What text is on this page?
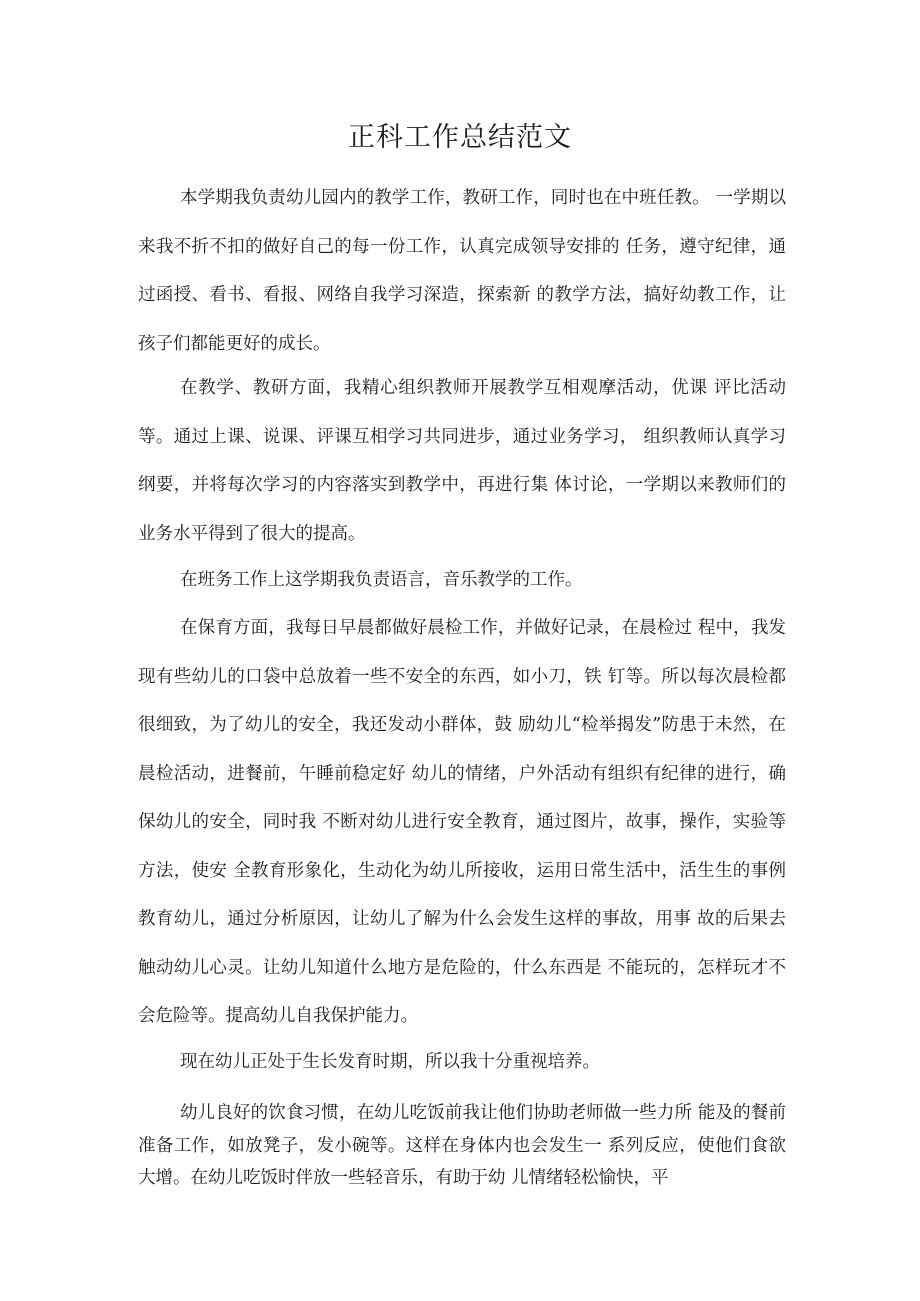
正科工作总结范文

本学期我负责幼儿园内的教学工作，教研工作，同时也在中班任教。 一学期以来我不折不扣的做好自己的每一份工作，认真完成领导安排的 任务，遵守纪律，通过函授、看书、看报、网络自我学习深造，探索新 的教学方法，搞好幼教工作，让孩子们都能更好的成长。

在教学、教研方面，我精心组织教师开展教学互相观摩活动，优课 评比活动等。通过上课、说课、评课互相学习共同进步，通过业务学习， 组织教师认真学习纲要，并将每次学习的内容落实到教学中，再进行集 体讨论，一学期以来教师们的业务水平得到了很大的提高。

在班务工作上这学期我负责语言，音乐教学的工作。

在保育方面，我每日早晨都做好晨检工作，并做好记录，在晨检过 程中，我发现有些幼儿的口袋中总放着一些不安全的东西，如小刀，铁 钉等。所以每次晨检都很细致，为了幼儿的安全，我还发动小群体，鼓 励幼儿“检举揭发”防患于未然，在晨检活动，进餐前，午睡前稳定好 幼儿的情绪，户外活动有组织有纪律的进行，确保幼儿的安全，同时我 不断对幼儿进行安全教育，通过图片，故事，操作，实验等方法，使安 全教育形象化，生动化为幼儿所接收，运用日常生活中，活生生的事例 教育幼儿，通过分析原因，让幼儿了解为什么会发生这样的事故，用事 故的后果去触动幼儿心灵。让幼儿知道什么地方是危险的，什么东西是 不能玩的，怎样玩才不会危险等。提高幼儿自我保护能力。

现在幼儿正处于生长发育时期，所以我十分重视培养。

幼儿良好的饮食习惯，在幼儿吃饭前我让他们协助老师做一些力所 能及的餐前准备工作，如放凳子，发小碗等。这样在身体内也会发生一 系列反应，使他们食欲大增。在幼儿吃饭时伴放一些轻音乐，有助于幼 儿情绪轻松愉快，平
